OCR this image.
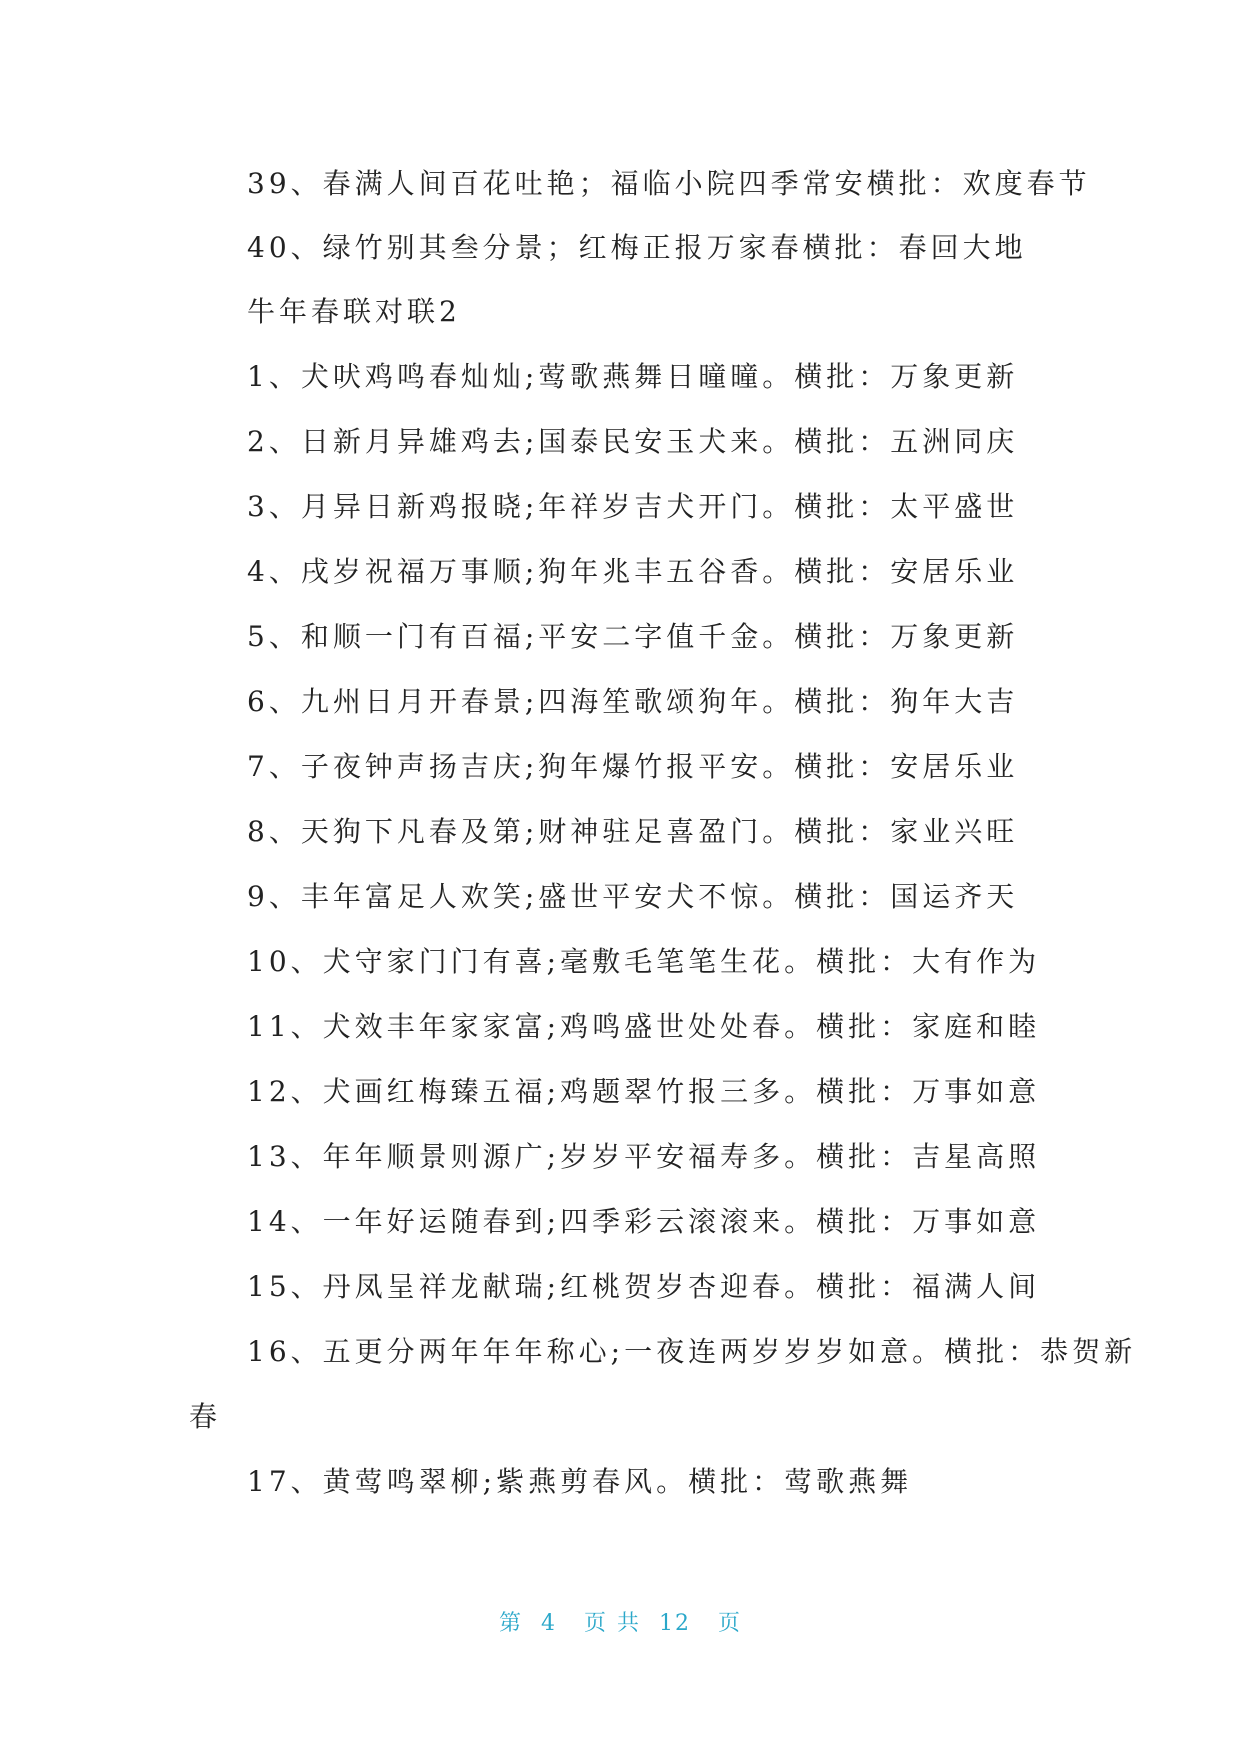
39、春满人间百花吐艳；福临小院四季常安横批：欢度春节
40、绿竹别其叁分景；红梅正报万家春横批：春回大地
牛年春联对联2
1、犬吠鸡鸣春灿灿;莺歌燕舞日曈曈。横批：万象更新
2、日新月异雄鸡去;国泰民安玉犬来。横批：五洲同庆
3、月异日新鸡报晓;年祥岁吉犬开门。横批：太平盛世
4、戌岁祝福万事顺;狗年兆丰五谷香。横批：安居乐业
5、和顺一门有百福;平安二字值千金。横批：万象更新
6、九州日月开春景;四海笙歌颂狗年。横批：狗年大吉
7、子夜钟声扬吉庆;狗年爆竹报平安。横批：安居乐业
8、天狗下凡春及第;财神驻足喜盈门。横批：家业兴旺
9、丰年富足人欢笑;盛世平安犬不惊。横批：国运齐天
10、犬守家门门有喜;毫敷毛笔笔生花。横批：大有作为
11、犬效丰年家家富;鸡鸣盛世处处春。横批：家庭和睦
12、犬画红梅臻五福;鸡题翠竹报三多。横批：万事如意
13、年年顺景则源广;岁岁平安福寿多。横批：吉星高照
14、一年好运随春到;四季彩云滚滚来。横批：万事如意
15、丹凤呈祥龙献瑞;红桃贺岁杏迎春。横批：福满人间
16、五更分两年年年称心;一夜连两岁岁岁如意。横批：恭贺新
春
17、黄莺鸣翠柳;紫燕剪春风。横批：莺歌燕舞
第  4   页 共  12   页
